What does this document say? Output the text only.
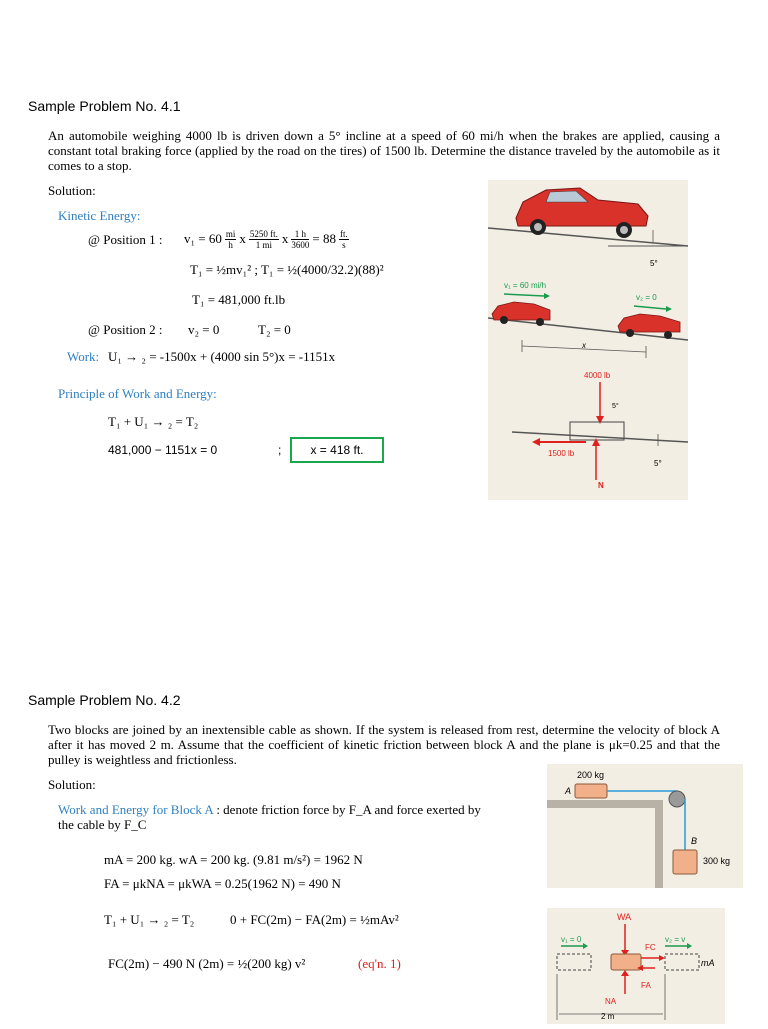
Sample Problem No. 4.1
An automobile weighing 4000 lb is driven down a 5° incline at a speed of 60 mi/h when the brakes are applied, causing a constant total braking force (applied by the road on the tires) of 1500 lb. Determine the distance traveled by the automobile as it comes to a stop.
Solution:
Kinetic Energy:
@ Position 1 : $v_1 = 60 \frac{mi}{h}$ x $\frac{5250 ft.}{1 mi}$ x $\frac{1 h}{3600} = 88 \frac{ft.}{s}$
T₁ = ½mv₁² ; T₁ = ½(4000/32.2)(88)²
T₁ = 481,000 ft.lb
@ Position 2 : v₂ = 0	T₂ = 0
Work: U₁ → ₂ = -1500x + (4000 sin 5°)x = -1151x
Principle of Work and Energy:
T₁ + U₁ → ₂ = T₂
481,000 − 1151x = 0	;	x = 418 ft.
5°
v₁ = 60 mi/h
v₂ = 0
x
4000 lb
5°
1500 lb
N
5°
Sample Problem No. 4.2
Two blocks are joined by an inextensible cable as shown. If the system is released from rest, determine the velocity of block A after it has moved 2 m. Assume that the coefficient of kinetic friction between block A and the plane is μk=0.25 and that the pulley is weightless and frictionless.
Solution:
Work and Energy for Block A : denote friction force by F_A and force exerted by the cable by F_C
mA = 200 kg. wA = 200 kg. (9.81 m/s²) = 1962 N
FA = μkNA = μkWA = 0.25(1962 N) = 490 N
T₁ + U₁ → ₂ = T₂	0 + FC(2m) − FA(2m) = ½mAv²
FC(2m) − 490 N (2m) = ½(200 kg) v²	(eq'n. 1)
200 kg
A
B
300 kg
WA
v₁ = 0	v₂ = v
FC
mA
FA
NA
2 m
